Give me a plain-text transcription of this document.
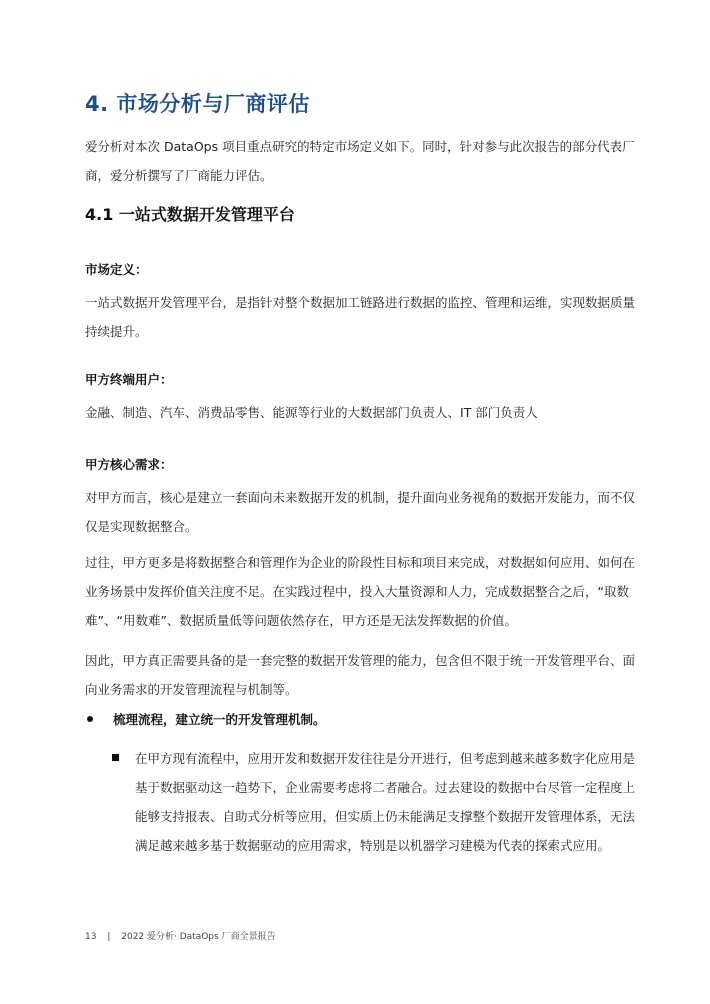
4. 市场分析与厂商评估

爱分析对本次 DataOps 项目重点研究的特定市场定义如下。同时，针对参与此次报告的部分代表厂商，爱分析撰写了厂商能力评估。

4.1 一站式数据开发管理平台
市场定义：

一站式数据开发管理平台，是指针对整个数据加工链路进行数据的监控、管理和运维，实现数据质量持续提升。

甲方终端用户：

金融、制造、汽车、消费品零售、能源等行业的大数据部门负责人、IT 部门负责人

甲方核心需求：

对甲方而言，核心是建立一套面向未来数据开发的机制，提升面向业务视角的数据开发能力，而不仅仅是实现数据整合。

过往，甲方更多是将数据整合和管理作为企业的阶段性目标和项目来完成，对数据如何应用、如何在业务场景中发挥价值关注度不足。在实践过程中，投入大量资源和人力，完成数据整合之后，“取数难”、“用数难”、数据质量低等问题依然存在，甲方还是无法发挥数据的价值。

因此，甲方真正需要具备的是一套完整的数据开发管理的能力，包含但不限于统一开发管理平台、面向业务需求的开发管理流程与机制等。

梳理流程，建立统一的开发管理机制。

在甲方现有流程中，应用开发和数据开发往往是分开进行，但考虑到越来越多数字化应用是基于数据驱动这一趋势下，企业需要考虑将二者融合。过去建设的数据中台尽管一定程度上能够支持报表、自助式分析等应用，但实质上仍未能满足支撑整个数据开发管理体系，无法满足越来越多基于数据驱动的应用需求，特别是以机器学习建模为代表的探索式应用。

13 | 2022 爱分析· DataOps 厂商全景报告
